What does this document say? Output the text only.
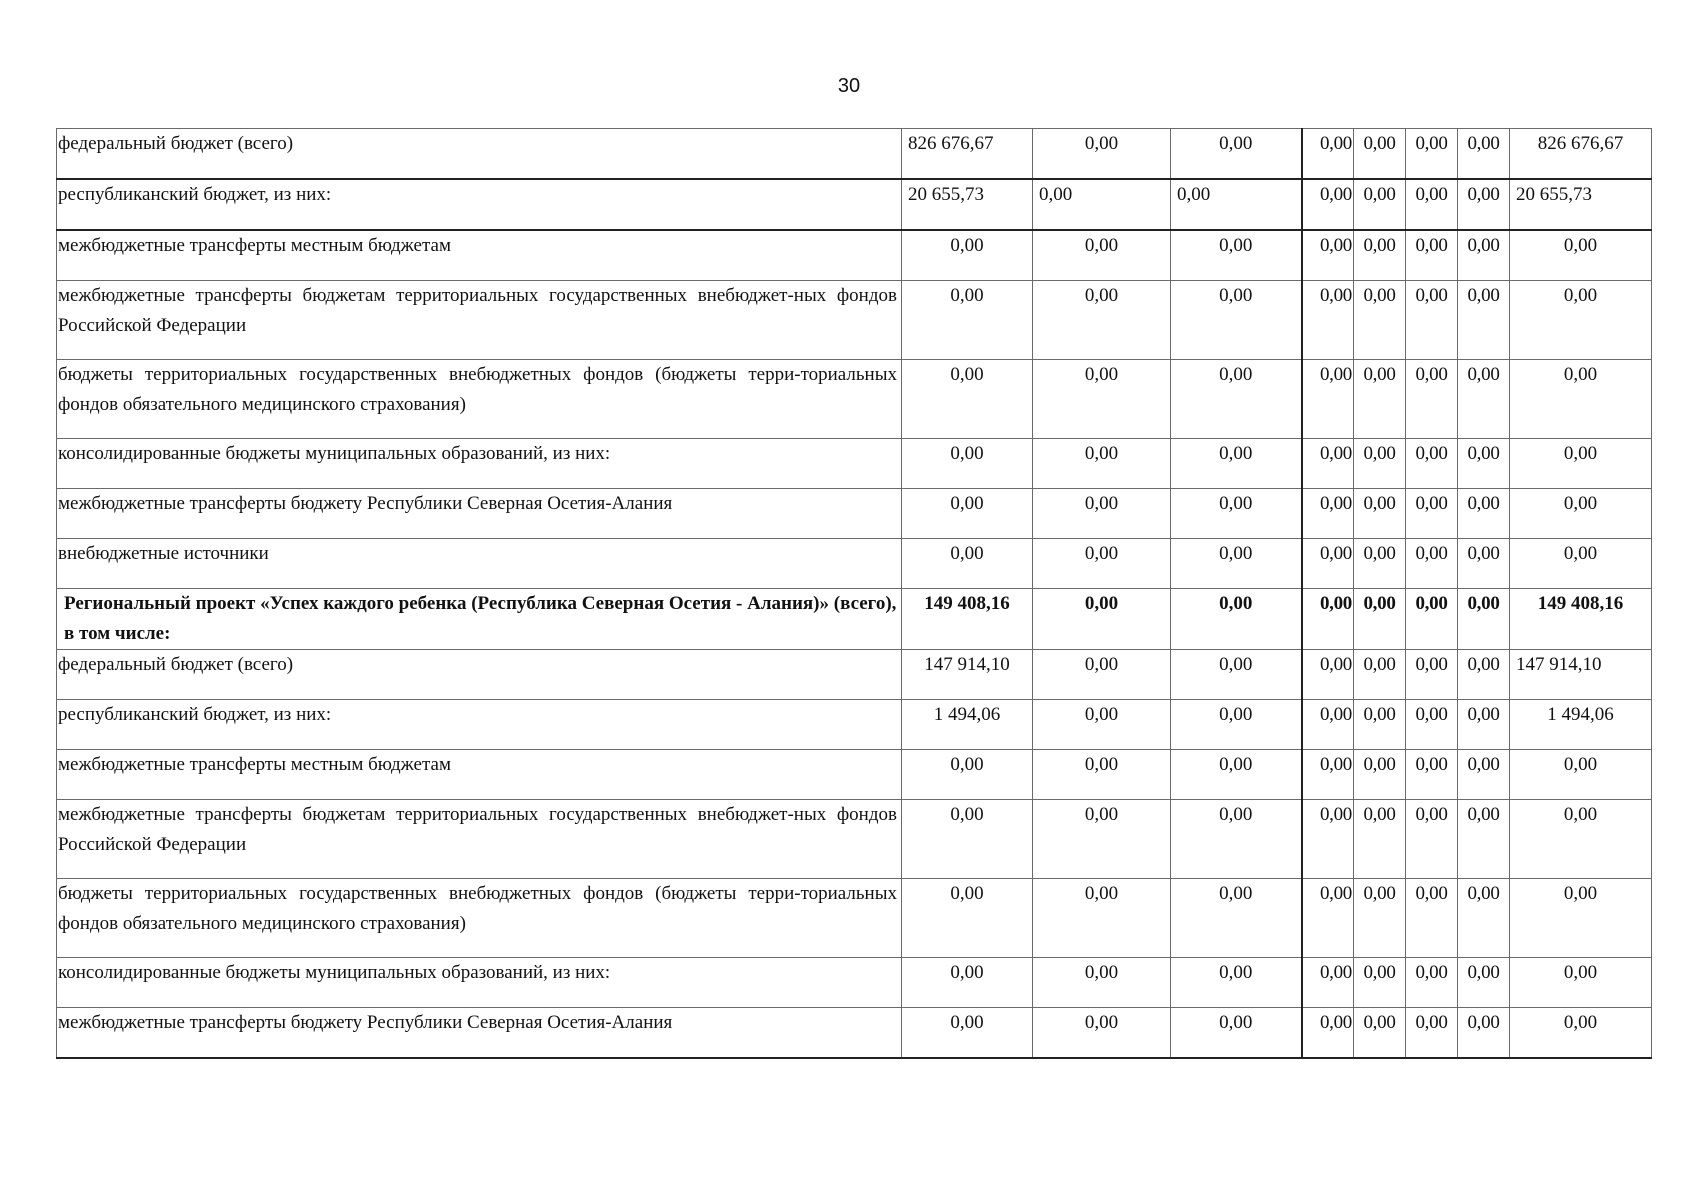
30
федеральный бюджет (всего)	826 676,67	0,00	0,00	0,00	0,00	0,00	0,00	826 676,67
республиканский бюджет, из них:	20 655,73	0,00	0,00	0,00	0,00	0,00	0,00	20 655,73
межбюджетные трансферты местным бюджетам	0,00	0,00	0,00	0,00	0,00	0,00	0,00	0,00
межбюджетные трансферты бюджетам территориальных государственных внебюджет-ных фондов Российской Федерации	0,00	0,00	0,00	0,00	0,00	0,00	0,00	0,00
бюджеты территориальных государственных внебюджетных фондов (бюджеты терри-ториальных фондов обязательного медицинского страхования)	0,00	0,00	0,00	0,00	0,00	0,00	0,00	0,00
консолидированные бюджеты муниципальных образований, из них:	0,00	0,00	0,00	0,00	0,00	0,00	0,00	0,00
межбюджетные трансферты бюджету Республики Северная Осетия-Алания	0,00	0,00	0,00	0,00	0,00	0,00	0,00	0,00
внебюджетные источники	0,00	0,00	0,00	0,00	0,00	0,00	0,00	0,00
Региональный проект «Успех каждого ребенка (Республика Северная Осетия - Алания)» (всего), в том числе:	149 408,16	0,00	0,00	0,00	0,00	0,00	0,00	149 408,16
федеральный бюджет (всего)	147 914,10	0,00	0,00	0,00	0,00	0,00	0,00	147 914,10
республиканский бюджет, из них:	1 494,06	0,00	0,00	0,00	0,00	0,00	0,00	1 494,06
межбюджетные трансферты местным бюджетам	0,00	0,00	0,00	0,00	0,00	0,00	0,00	0,00
межбюджетные трансферты бюджетам территориальных государственных внебюджет-ных фондов Российской Федерации	0,00	0,00	0,00	0,00	0,00	0,00	0,00	0,00
бюджеты территориальных государственных внебюджетных фондов (бюджеты терри-ториальных фондов обязательного медицинского страхования)	0,00	0,00	0,00	0,00	0,00	0,00	0,00	0,00
консолидированные бюджеты муниципальных образований, из них:	0,00	0,00	0,00	0,00	0,00	0,00	0,00	0,00
межбюджетные трансферты бюджету Республики Северная Осетия-Алания	0,00	0,00	0,00	0,00	0,00	0,00	0,00	0,00
